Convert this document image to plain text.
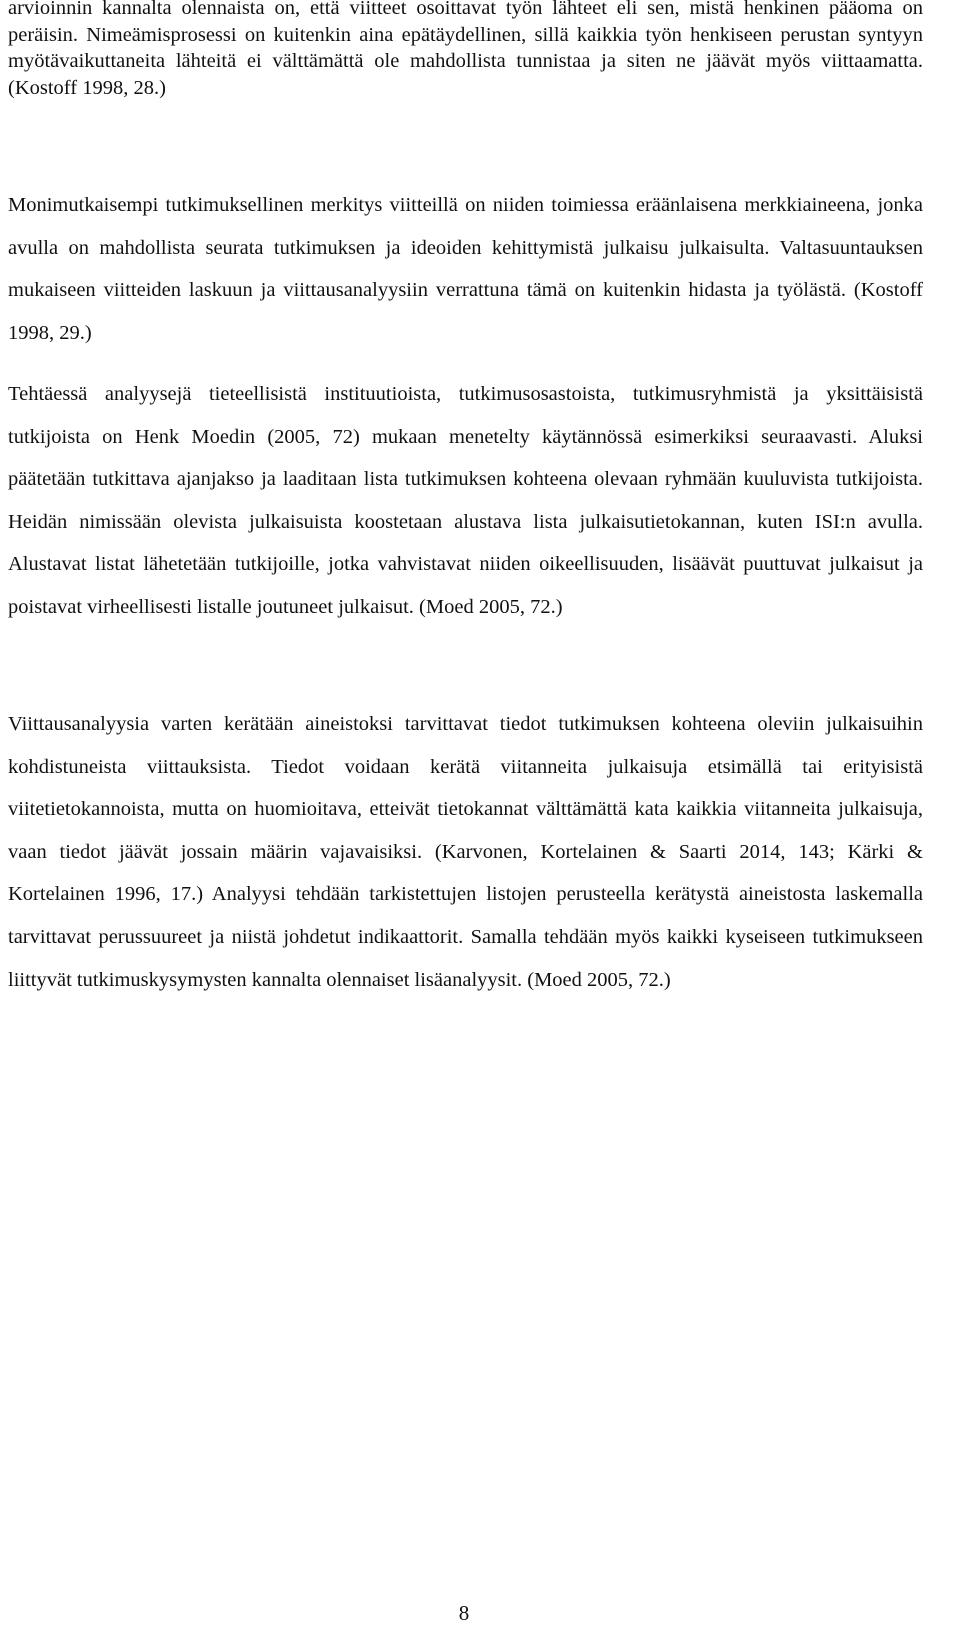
arvioinnin kannalta olennaista on, että viitteet osoittavat työn lähteet eli sen, mistä henkinen pääoma on peräisin. Nimeämisprosessi on kuitenkin aina epätäydellinen, sillä kaikkia työn henkiseen perustan syntyyn myötävaikuttaneita lähteitä ei välttämättä ole mahdollista tunnistaa ja siten ne jäävät myös viittaamatta. (Kostoff 1998, 28.)

Monimutkaisempi tutkimuksellinen merkitys viitteillä on niiden toimiessa eräänlaisena merkkiaineena, jonka avulla on mahdollista seurata tutkimuksen ja ideoiden kehittymistä julkaisu julkaisulta. Valtasuuntauksen mukaiseen viitteiden laskuun ja viittausanalyysiin verrattuna tämä on kuitenkin hidasta ja työlästä. (Kostoff 1998, 29.)

Tehtäessä analyysejä tieteellisistä instituutioista, tutkimusosastoista, tutkimusryhmistä ja yksittäisistä tutkijoista on Henk Moedin (2005, 72) mukaan menetelty käytännössä esimerkiksi seuraavasti. Aluksi päätetään tutkittava ajanjakso ja laaditaan lista tutkimuksen kohteena olevaan ryhmään kuuluvista tutkijoista. Heidän nimissään olevista julkaisuista koostetaan alustava lista julkaisutietokannan, kuten ISI:n avulla. Alustavat listat lähetetään tutkijoille, jotka vahvistavat niiden oikeellisuuden, lisäävät puuttuvat julkaisut ja poistavat virheellisesti listalle joutuneet julkaisut. (Moed 2005, 72.)

Viittausanalyysia varten kerätään aineistoksi tarvittavat tiedot tutkimuksen kohteena oleviin julkaisuihin kohdistuneista viittauksista. Tiedot voidaan kerätä viitanneita julkaisuja etsimällä tai erityisistä viitetietokannoista, mutta on huomioitava, etteivät tietokannat välttämättä kata kaikkia viitanneita julkaisuja, vaan tiedot jäävät jossain määrin vajavaisiksi. (Karvonen, Kortelainen & Saarti 2014, 143; Kärki & Kortelainen 1996, 17.) Analyysi tehdään tarkistettujen listojen perusteella kerätystä aineistosta laskemalla tarvittavat perussuureet ja niistä johdetut indikaattorit. Samalla tehdään myös kaikki kyseiseen tutkimukseen liittyvät tutkimuskysymysten kannalta olennaiset lisäanalyysit. (Moed 2005, 72.)

8
